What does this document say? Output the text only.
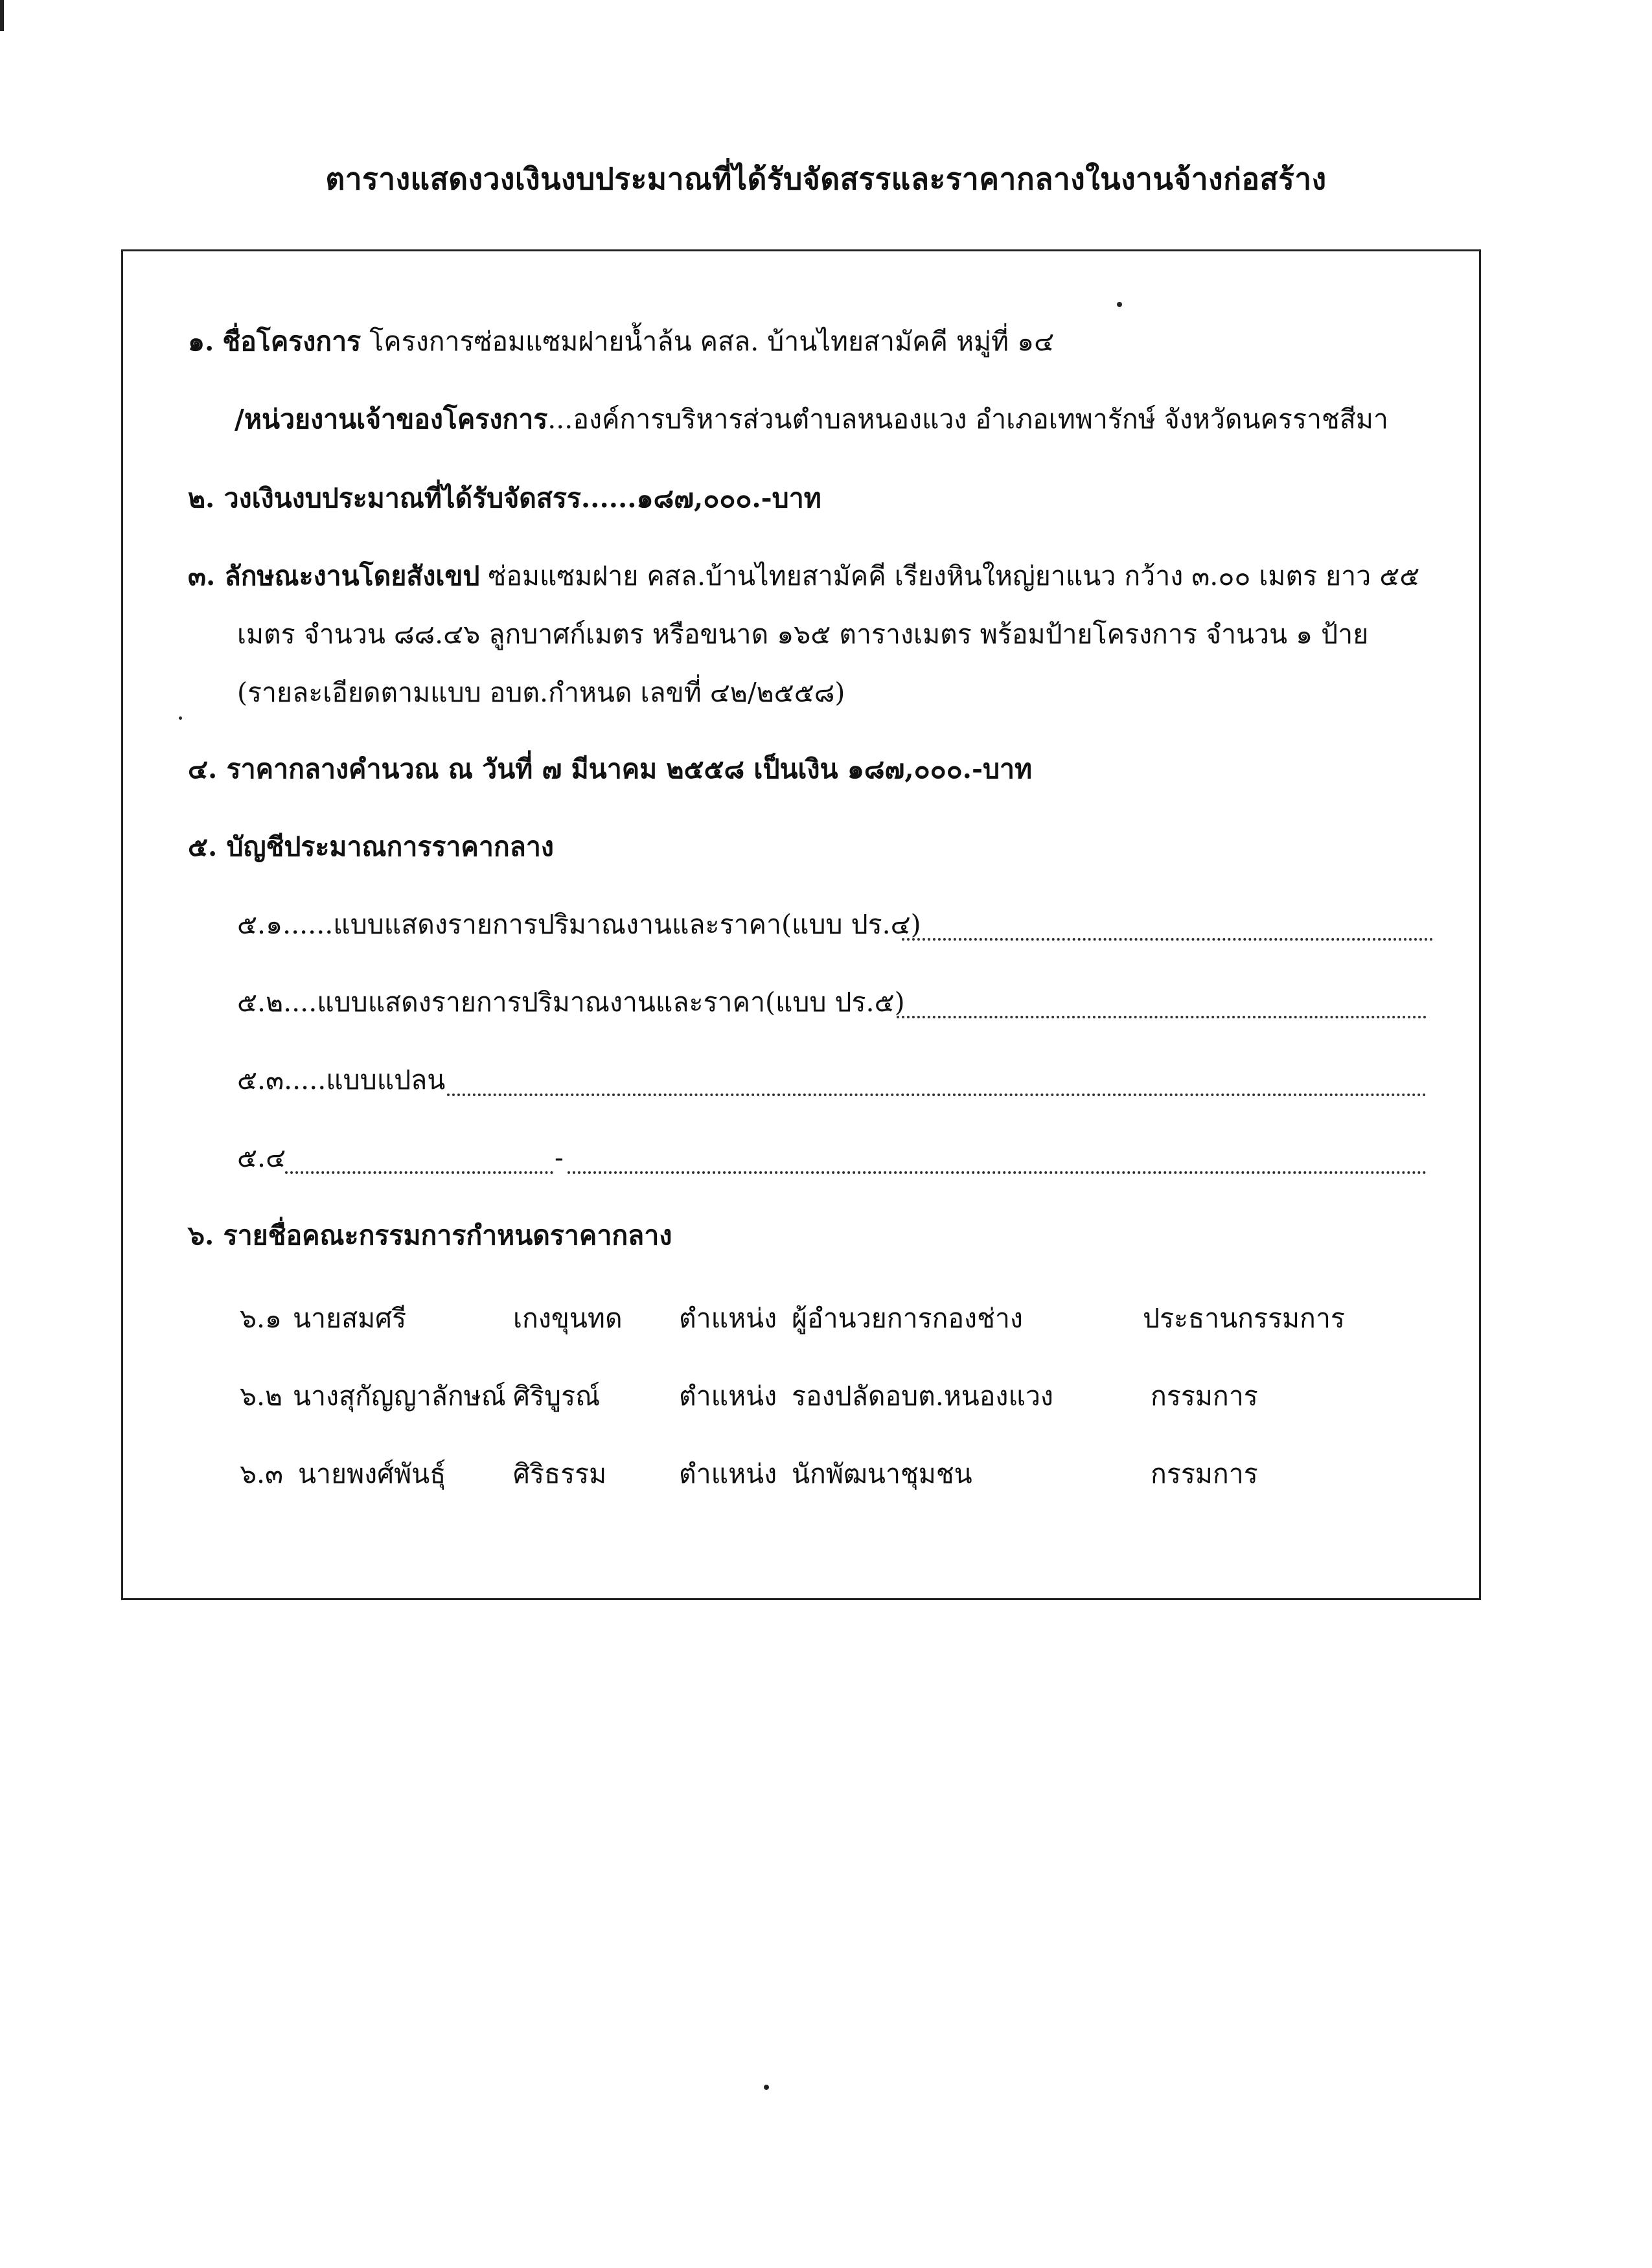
ตารางแสดงวงเงินงบประมาณที่ได้รับจัดสรรและราคากลางในงานจ้างก่อสร้าง
๑. ชื่อโครงการ โครงการซ่อมแซมฝายน้ำล้น คสล. บ้านไทยสามัคคี หมู่ที่ ๑๔
/หน่วยงานเจ้าของโครงการ...องค์การบริหารส่วนตำบลหนองแวง อำเภอเทพารักษ์ จังหวัดนครราชสีมา
๒. วงเงินงบประมาณที่ได้รับจัดสรร......๑๘๗,๐๐๐.-บาท
๓. ลักษณะงานโดยสังเขป ซ่อมแซมฝาย คสล.บ้านไทยสามัคคี เรียงหินใหญ่ยาแนว กว้าง ๓.๐๐ เมตร ยาว ๕๕
เมตร จำนวน ๘๘.๔๖ ลูกบาศก์เมตร หรือขนาด ๑๖๕ ตารางเมตร พร้อมป้ายโครงการ จำนวน ๑ ป้าย
(รายละเอียดตามแบบ อบต.กำหนด เลขที่ ๔๒/๒๕๕๘)
๔. ราคากลางคำนวณ ณ วันที่ ๗ มีนาคม ๒๕๕๘ เป็นเงิน ๑๘๗,๐๐๐.-บาท
๕. บัญชีประมาณการราคากลาง
๕.๑......แบบแสดงรายการปริมาณงานและราคา(แบบ ปร.๔)
๕.๒....แบบแสดงรายการปริมาณงานและราคา(แบบ ปร.๕)
๕.๓.....แบบแปลน
๕.๔	-
๖. รายชื่อคณะกรรมการกำหนดราคากลาง
๖.๑ นายสมศรี	เกงขุนทด ตำแหน่ง ผู้อำนวยการกองช่าง	ประธานกรรมการ
๖.๒ นางสุกัญญาลักษณ์ ศิริบูรณ์	ตำแหน่ง รองปลัดอบต.หนองแวง	กรรมการ
๖.๓ นายพงศ์พันธุ์	ศิริธรรม	ตำแหน่ง นักพัฒนาชุมชน	กรรมการ
